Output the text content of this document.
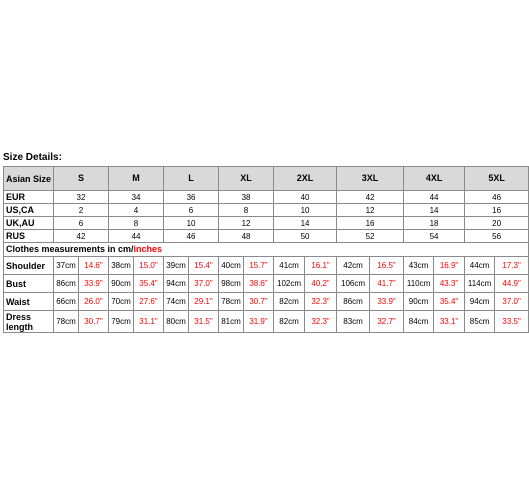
Size Details:
Asian Size	S		M		L		XL		2XL		3XL		4XL		5XL	
EUR	32		34		36		38		40		42		44		46	
US,CA	2		4		6		8		10		12		14		16	
UK,AU	6		8		10		12		14		16		18		20	
RUS	42		44		46		48		50		52		54		56	
Clothes measurements in cm/inches																
Shoulder	37cm	14.6"	38cm	15.0"	39cm	15.4"	40cm	15.7"	41cm	16.1"	42cm	16.5"	43cm	16.9"	44cm	17.3"
Bust	86cm	33.9"	90cm	35.4"	94cm	37.0"	98cm	38.6"	102cm	40.2"	106cm	41.7"	110cm	43.3"	114cm	44.9"
Waist	66cm	26.0"	70cm	27.6"	74cm	29.1"	78cm	30.7"	82cm	32.3"	86cm	33.9"	90cm	35.4"	94cm	37.0"
Dress length	78cm	30.7"	79cm	31.1"	80cm	31.5"	81cm	31.9"	82cm	32.3"	83cm	32.7"	84cm	33.1"	85cm	33.5"
